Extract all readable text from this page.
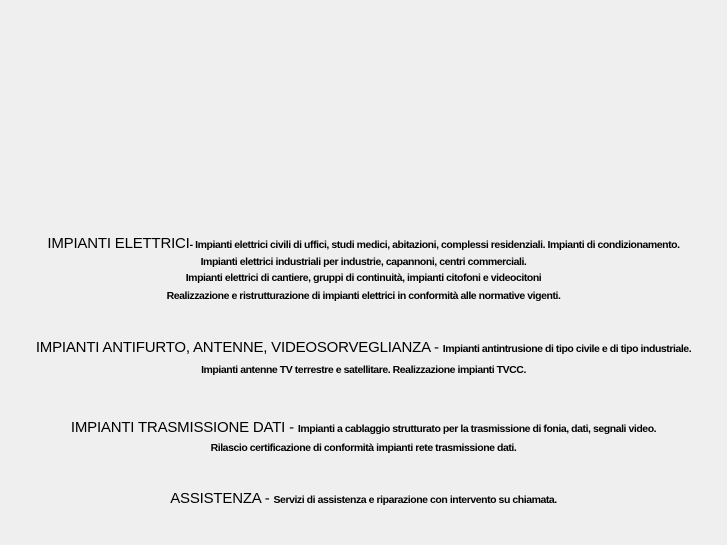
IMPIANTI ELETTRICI- Impianti elettrici civili di uffici, studi medici, abitazioni, complessi residenziali. Impianti di condizionamento.
Impianti elettrici industriali per industrie, capannoni, centri commerciali.
Impianti elettrici di cantiere, gruppi di continuità, impianti citofoni e videocitoni
Realizzazione e ristrutturazione di impianti elettrici in conformità alle normative vigenti.
IMPIANTI ANTIFURTO, ANTENNE, VIDEOSORVEGLIANZA - Impianti antintrusione di tipo civile e di tipo industriale.
Impianti antenne TV terrestre e satellitare. Realizzazione impianti TVCC.
IMPIANTI TRASMISSIONE DATI - Impianti a cablaggio strutturato per la trasmissione di fonia, dati, segnali video.
Rilascio certificazione di conformità impianti rete trasmissione dati.
ASSISTENZA - Servizi di assistenza e riparazione con intervento su chiamata.
